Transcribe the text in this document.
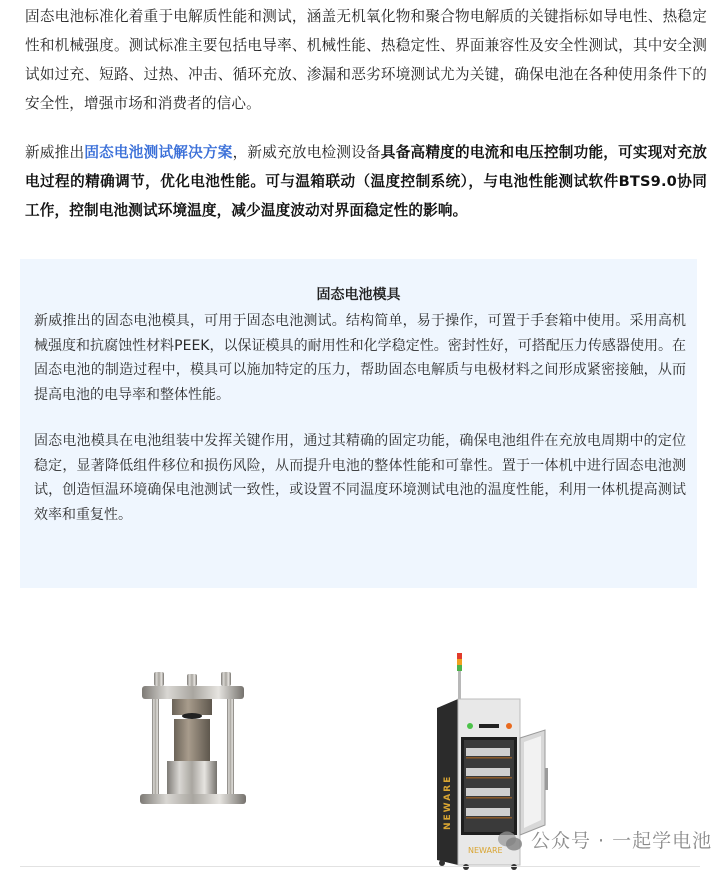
固态电池标准化着重于电解质性能和测试，涵盖无机氧化物和聚合物电解质的关键指标如导电性、热稳定性和机械强度。测试标准主要包括电导率、机械性能、热稳定性、界面兼容性及安全性测试，其中安全测试如过充、短路、过热、冲击、循环充放、渗漏和恶劣环境测试尤为关键，确保电池在各种使用条件下的安全性，增强市场和消费者的信心。

新威推出固态电池测试解决方案，新威充放电检测设备具备高精度的电流和电压控制功能，可实现对充放电过程的精确调节，优化电池性能。可与温箱联动（温度控制系统），与电池性能测试软件BTS9.0协同工作，控制电池测试环境温度，减少温度波动对界面稳定性的影响。

固态电池模具

新威推出的固态电池模具，可用于固态电池测试。结构简单，易于操作，可置于手套箱中使用。采用高机械强度和抗腐蚀性材料PEEK，以保证模具的耐用性和化学稳定性。密封性好，可搭配压力传感器使用。在固态电池的制造过程中，模具可以施加特定的压力，帮助固态电解质与电极材料之间形成紧密接触，从而提高电池的电导率和整体性能。

固态电池模具在电池组装中发挥关键作用，通过其精确的固定功能，确保电池组件在充放电周期中的定位稳定，显著降低组件移位和损伤风险，从而提升电池的整体性能和可靠性。置于一体机中进行固态电池测试，创造恒温环境确保电池测试一致性，或设置不同温度环境测试电池的温度性能，利用一体机提高测试效率和重复性。

NEWARE
NEWARE 公众号 · 一起学电池
